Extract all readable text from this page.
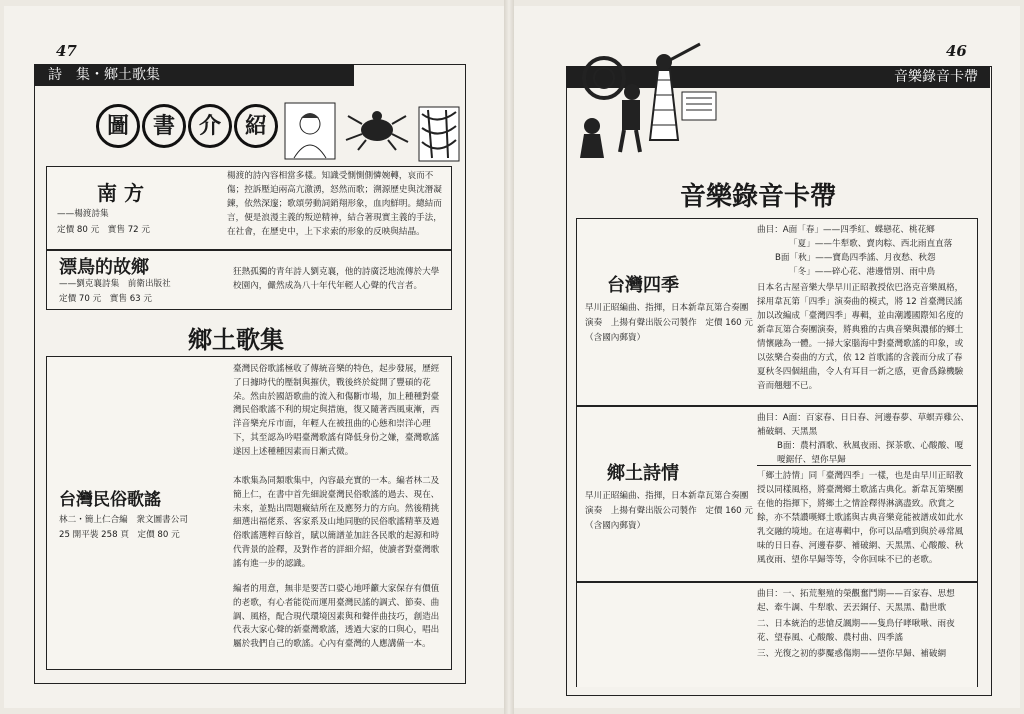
47
詩　集・鄉土歌集
圖	書	介	紹
南 方
——楊渡詩集
定價 80 元　實售 72 元
楊渡的詩內容相當多樣。知識受惻惻側憐婉轉，哀而不傷；控訴壓迫兩高亢激湧，怒然而歌；溯源歷史與沈潛凝鍊，依然深邃；歌頌勞動詞銷翔形象，血肉鮮明。總結而言，便是浪漫主義的叛逆精神，結合著現實主義的手法，在社會，在歷史中，上下求索的形象的反映與結晶。
漂鳥的故鄉
——劉克襄詩集　前衛出版社
定價 70 元　實售 63 元
狂熱孤獨的青年詩人劉克襄，他的詩廣泛地流傳於大學校園內，儼然成為八十年代年輕人心聲的代言者。
鄉土歌集
台灣民俗歌謠
林二・簡上仁合編　衆文圖書公司
25 開平裝 258 頁　定價 80 元
臺灣民俗歌謠極收了傳統音樂的特色，起步發展，歷經了日據時代的壓制與摧伏，戰後終於綻開了豐碩的花朵。然由於國語歌曲的流入和傷斷市場，加上種種對臺灣民俗歌謠不利的規定與措施，復又隨著西風東漸，西洋音樂充斥市面，年輕人在被扭曲的心態和崇洋心理下，其至認為吟唱臺灣歌謠有降低身份之嫌，臺灣歌謠遂因上述種種因素而日漸式微。
本歌集為同類歌集中，內容最充實的一本。編者林二及簡上仁，在書中首先細說臺灣民俗歌謠的過去、現在、未來，並點出問題癥結所在及應努力的方向。然後精挑細選出福佬系、客家系及山地同胞的民俗歌謠精華及過俗歌謠選粹百餘首，賦以簡譜並加註各民歌的起源和時代背景的詮釋，及對作者的詳細介紹，使讀者對臺灣歌謠有進一步的認識。
編者的用意，無非是要苦口婆心地呼籲大家保存有價值的老歌，有心者能從而運用臺灣民謠的調式、節奏、曲調、風格，配合現代環境因素與和聲伴曲技巧，創造出代表大家心聲的新臺灣歌謠，透過大家的口與心，唱出屬於我們自己的歌謠。心內有臺灣的人應講備一本。
46
音樂錄音卡帶
音樂錄音卡帶
台灣四季
早川正昭編曲、指揮，日本新韋瓦第合奏團演奏　上揚有聲出版公司製作　定價 160 元（含國內郵資）
曲目：A面「春」——四季紅、蝶戀花、桃花鄉
「夏」——牛犁歌、賣肉粽、西北雨直直落
B面「秋」——寶島四季謠、月夜愁、秋怨
「冬」——碎心花、港邊惜別、雨中鳥
日本名古屋音樂大學早川正昭教授依巴洛克音樂風格，採用韋瓦第「四季」演奏曲的模式，將 12 首臺灣民謠加以改編成「臺灣四季」專輯，並由潮護國際知名度的新韋瓦第合奏團演奏，將典雅的古典音樂與濃郁的鄉土情懷融為一體。一掃大家腦海中對臺灣歌謠的印象，或以弦樂合奏曲的方式，依 12 首歌謠的含義而分成了春夏秋冬四個組曲，令人有耳目一新之感，更會爲錄機驗音而翹翹不已。
鄉土詩情
早川正昭編曲、指揮，日本新韋瓦第合奏團演奏　上揚有聲出版公司製作　定價 160 元（含國內郵資）
曲目：A面：百家春、日日春、河邊春夢、草螟弄雞公、補破網、天黑黑
B面：農村酒歌、秋風夜雨、探茶歌、心酸酸、嗄嗄鋸仔、望你早歸
「鄉土詩情」同「臺灣四季」一樣，也是由早川正昭教授以同樣風格，將臺灣鄉土歌謠古典化。新韋瓦第樂團在他的指揮下，將鄉土之情詮釋得淋漓盡致。欣賞之餘，亦不禁讚嘆鄉土歌謠與古典音樂竟能被譜成如此水乳交融的境地。在這專輯中，你可以品嚐到與於尋常風味的日日春、河邊春夢、補破網、天黑黑、心酸酸、秋風夜雨、望你早歸等等，令你回味不已的老歌。
曲目：一、拓荒墾殖的榮觀奮鬥期——百家春、思想起、牽牛調、牛犁歌、丟丟銅仔、天黑黑、勸世歌
二、日本統治的悲愴反諷期——隻鳥仔哮啾啾、雨夜花、望春風、心酸酸、農村曲、四季謠
三、光復之初的夢魘惑傷期——望你早歸、補破網
